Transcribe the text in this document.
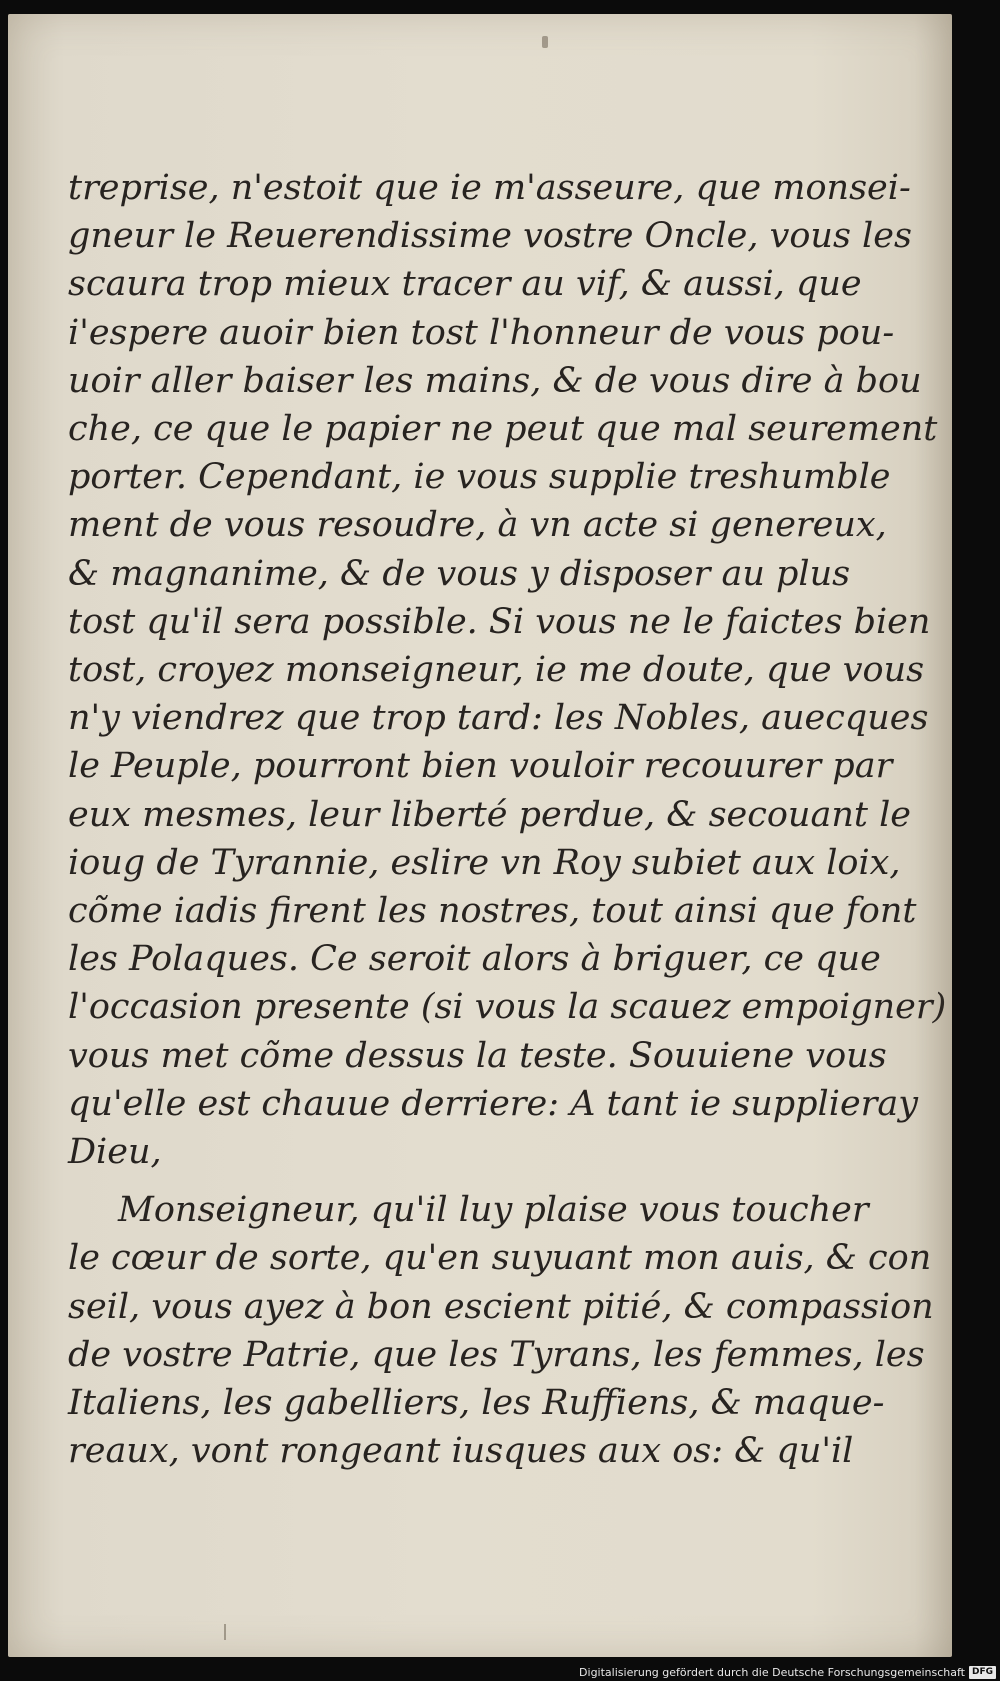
treprise, n'estoit que ie m'asseure, que monsei-
gneur le Reuerendissime vostre Oncle, vous les
scaura trop mieux tracer au vif, & aussi, que
i'espere auoir bien tost l'honneur de vous pou-
uoir aller baiser les mains, & de vous dire à bou
che, ce que le papier ne peut que mal seurement
porter. Cependant, ie vous supplie treshumble
ment de vous resoudre, à vn acte si genereux,
& magnanime, & de vous y disposer au plus
tost qu'il sera possible. Si vous ne le faictes bien
tost, croyez monseigneur, ie me doute, que vous
n'y viendrez que trop tard: les Nobles, auecques
le Peuple, pourront bien vouloir recouurer par
eux mesmes, leur liberté perdue, & secouant le
ioug de Tyrannie, eslire vn Roy subiet aux loix,
cõme iadis firent les nostres, tout ainsi que font
les Polaques. Ce seroit alors à briguer, ce que
l'occasion presente (si vous la scauez empoigner)
vous met cõme dessus la teste. Souuiene vous
qu'elle est chauue derriere: A tant ie supplieray
Dieu,
Monseigneur, qu'il luy plaise vous toucher
le cœur de sorte, qu'en suyuant mon auis, & con
seil, vous ayez à bon escient pitié, & compassion
de vostre Patrie, que les Tyrans, les femmes, les
Italiens, les gabelliers, les Ruffiens, & maque-
reaux, vont rongeant iusques aux os: & qu'il
Digitalisierung gefördert durch die Deutsche Forschungsgemeinschaft DFG
